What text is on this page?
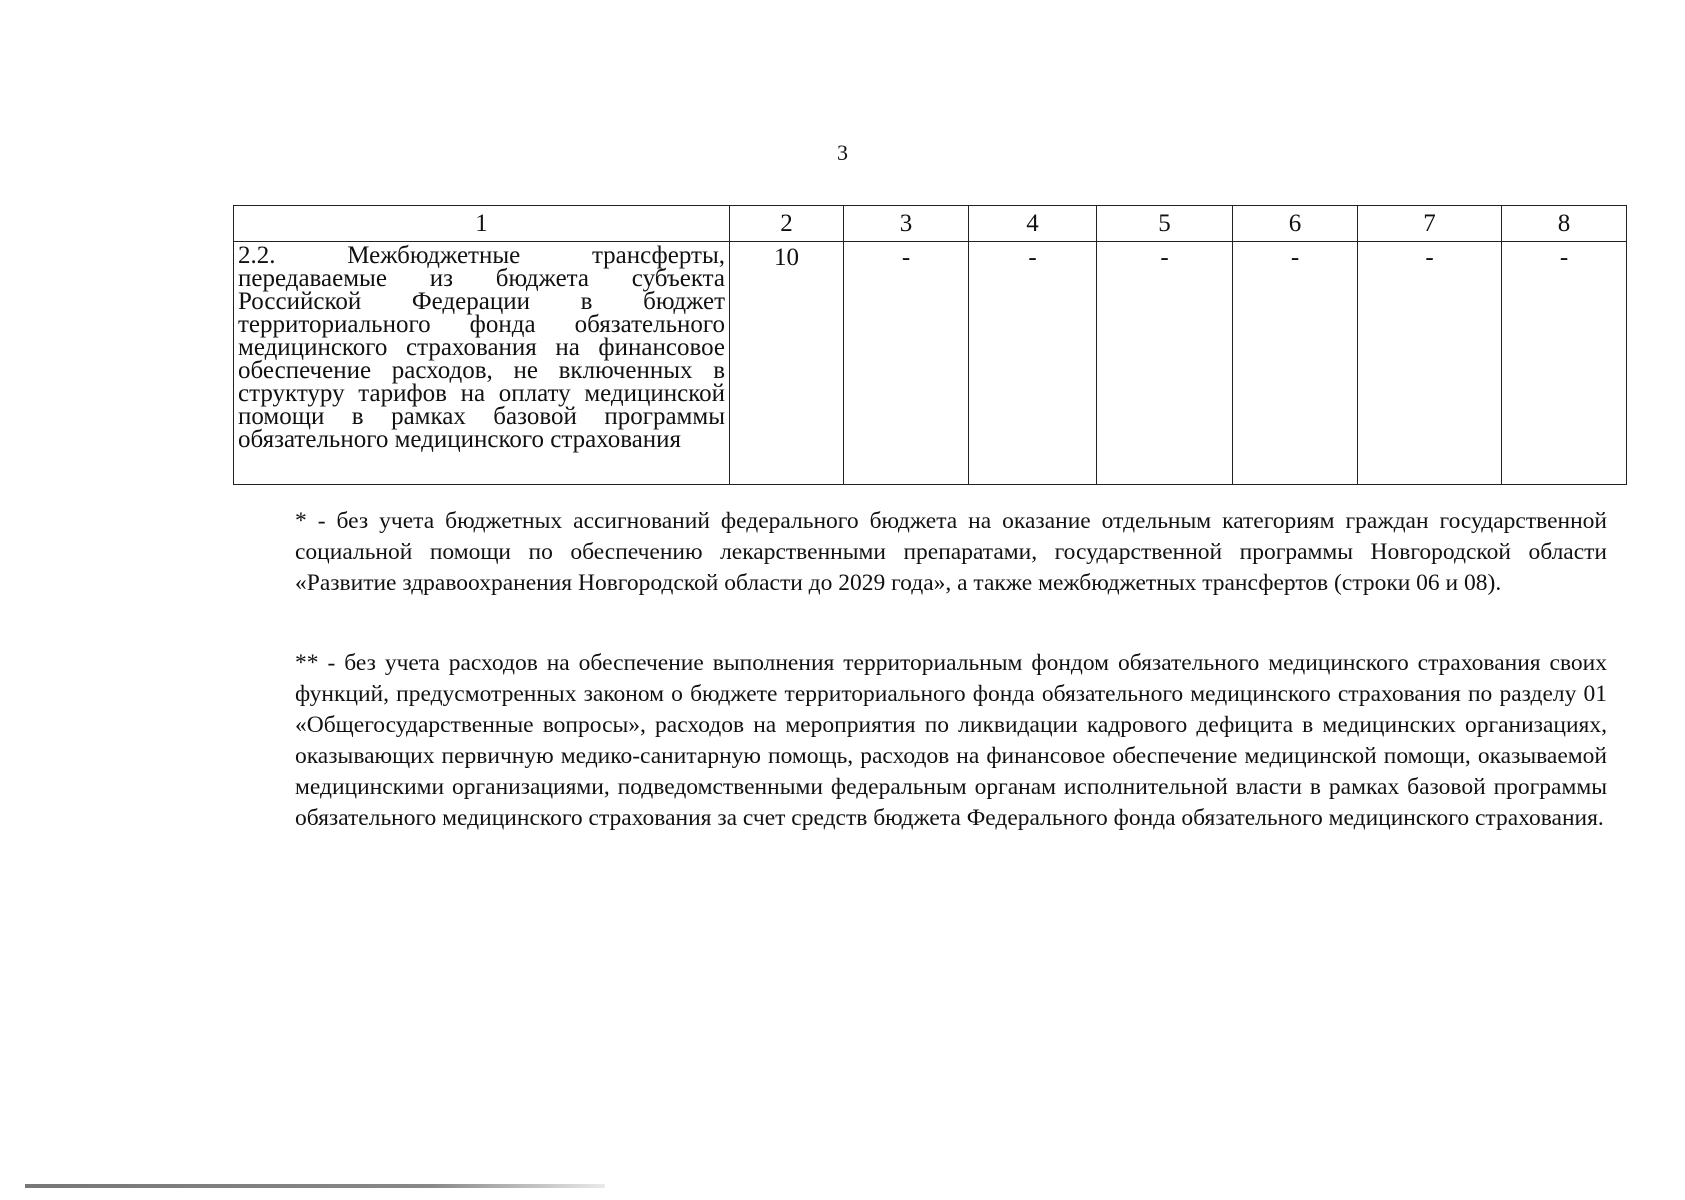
3
1	2	3	4	5	6	7	8
2.2. Межбюджетные трансферты, передаваемые из бюджета субъекта Российской Федерации в бюджет территориального фонда обязательного медицинского страхования на финансовое обеспечение расходов, не включенных в структуру тарифов на оплату медицинской помощи в рамках базовой программы обязательного медицинского страхования	10	-	-	-	-	-	-

* - без учета бюджетных ассигнований федерального бюджета на оказание отдельным категориям граждан государственной социальной помощи по обеспечению лекарственными препаратами, государственной программы Новгородской области «Развитие здравоохранения Новгородской области до 2029 года», а также межбюджетных трансфертов (строки 06 и 08).

** - без учета расходов на обеспечение выполнения территориальным фондом обязательного медицинского страхования своих функций, предусмотренных законом о бюджете территориального фонда обязательного медицинского страхования по разделу 01 «Общегосударственные вопросы», расходов на мероприятия по ликвидации кадрового дефицита в медицинских организациях, оказывающих первичную медико-санитарную помощь, расходов на финансовое обеспечение медицинской помощи, оказываемой медицинскими организациями, подведомственными федеральным органам исполнительной власти в рамках базовой программы обязательного медицинского страхования за счет средств бюджета Федерального фонда обязательного медицинского страхования.
